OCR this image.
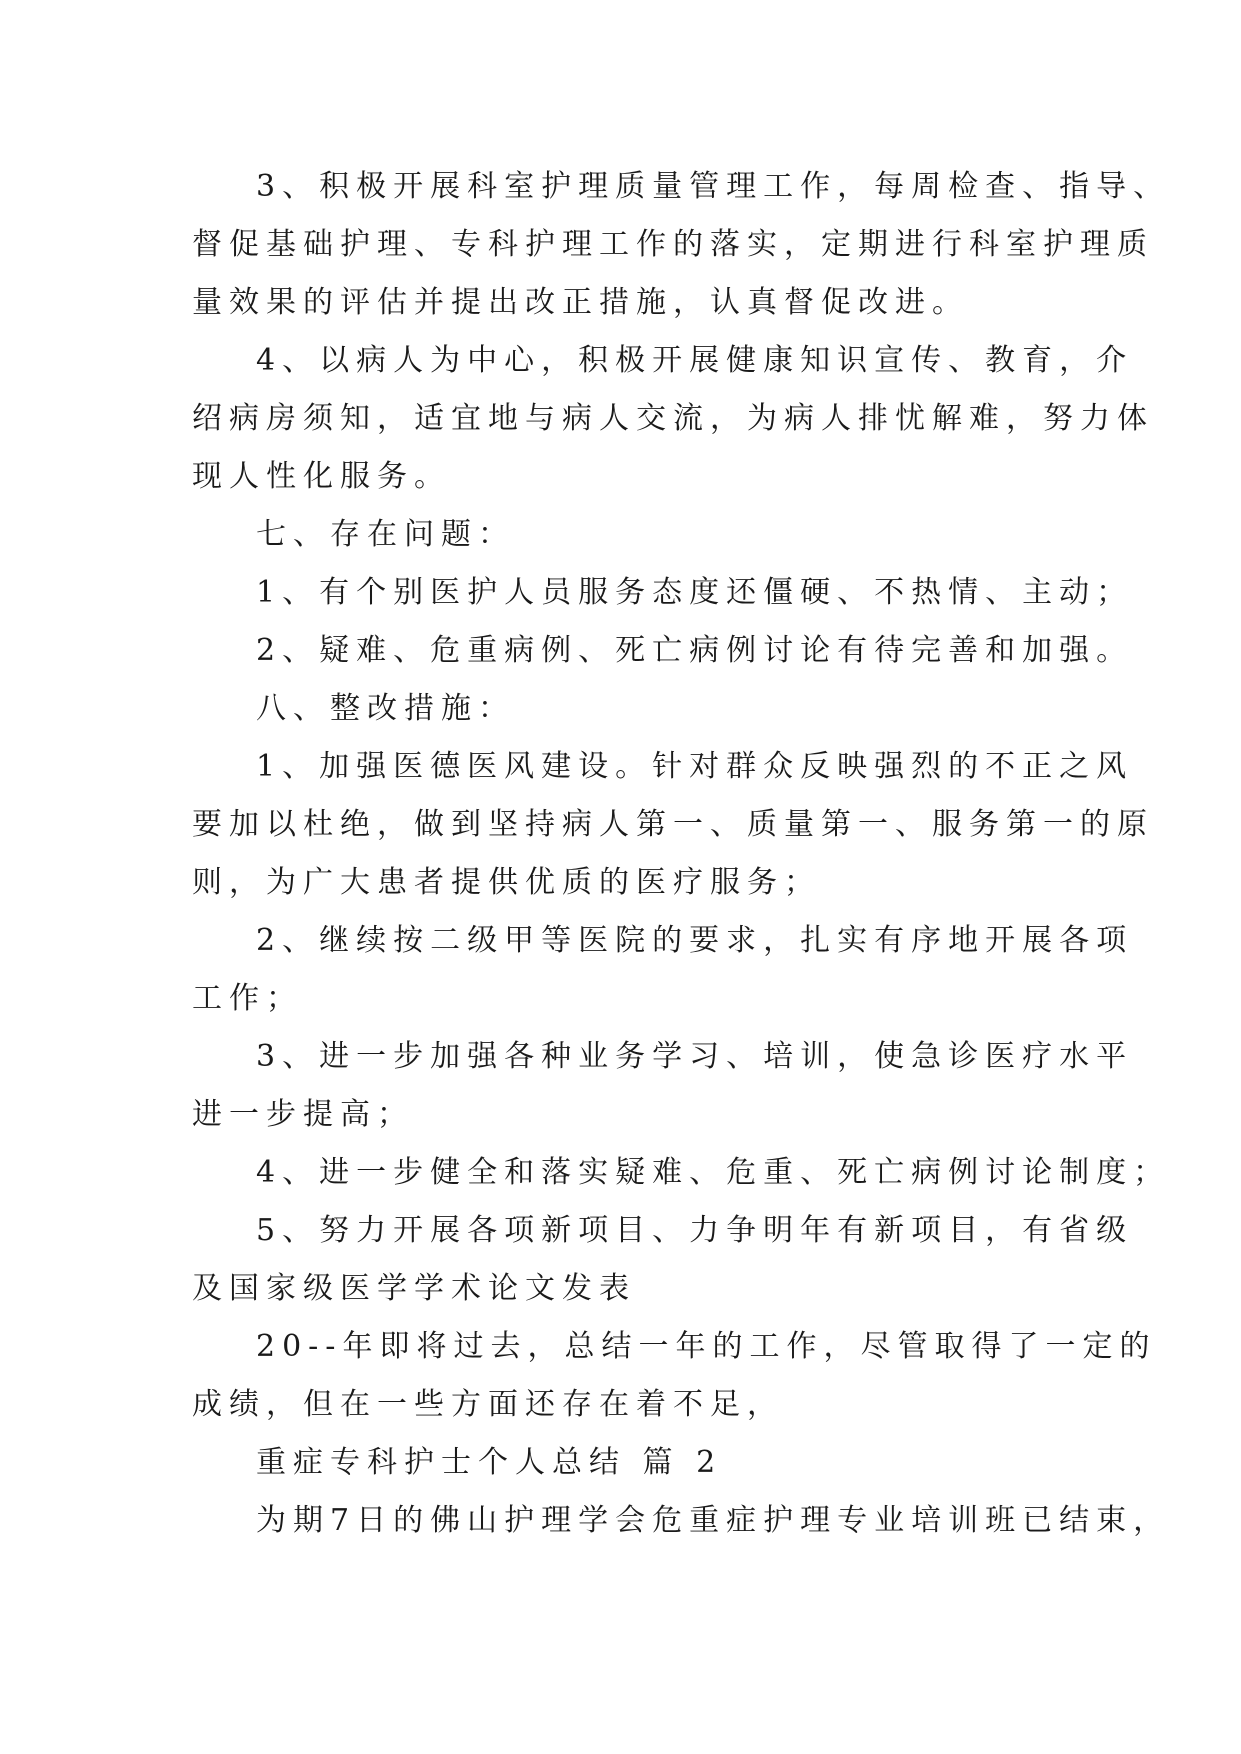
3、积极开展科室护理质量管理工作，每周检查、指导、
督促基础护理、专科护理工作的落实，定期进行科室护理质
量效果的评估并提出改正措施，认真督促改进。
4、以病人为中心，积极开展健康知识宣传、教育，介
绍病房须知，适宜地与病人交流，为病人排忧解难，努力体
现人性化服务。
七、存在问题：
1、有个别医护人员服务态度还僵硬、不热情、主动；
2、疑难、危重病例、死亡病例讨论有待完善和加强。
八、整改措施：
1、加强医德医风建设。针对群众反映强烈的不正之风
要加以杜绝，做到坚持病人第一、质量第一、服务第一的原
则，为广大患者提供优质的医疗服务；
2、继续按二级甲等医院的要求，扎实有序地开展各项
工作；
3、进一步加强各种业务学习、培训，使急诊医疗水平
进一步提高；
4、进一步健全和落实疑难、危重、死亡病例讨论制度；
5、努力开展各项新项目、力争明年有新项目，有省级
及国家级医学学术论文发表
20--年即将过去，总结一年的工作，尽管取得了一定的
成绩，但在一些方面还存在着不足，
重症专科护士个人总结 篇 2
为期7日的佛山护理学会危重症护理专业培训班已结束，
